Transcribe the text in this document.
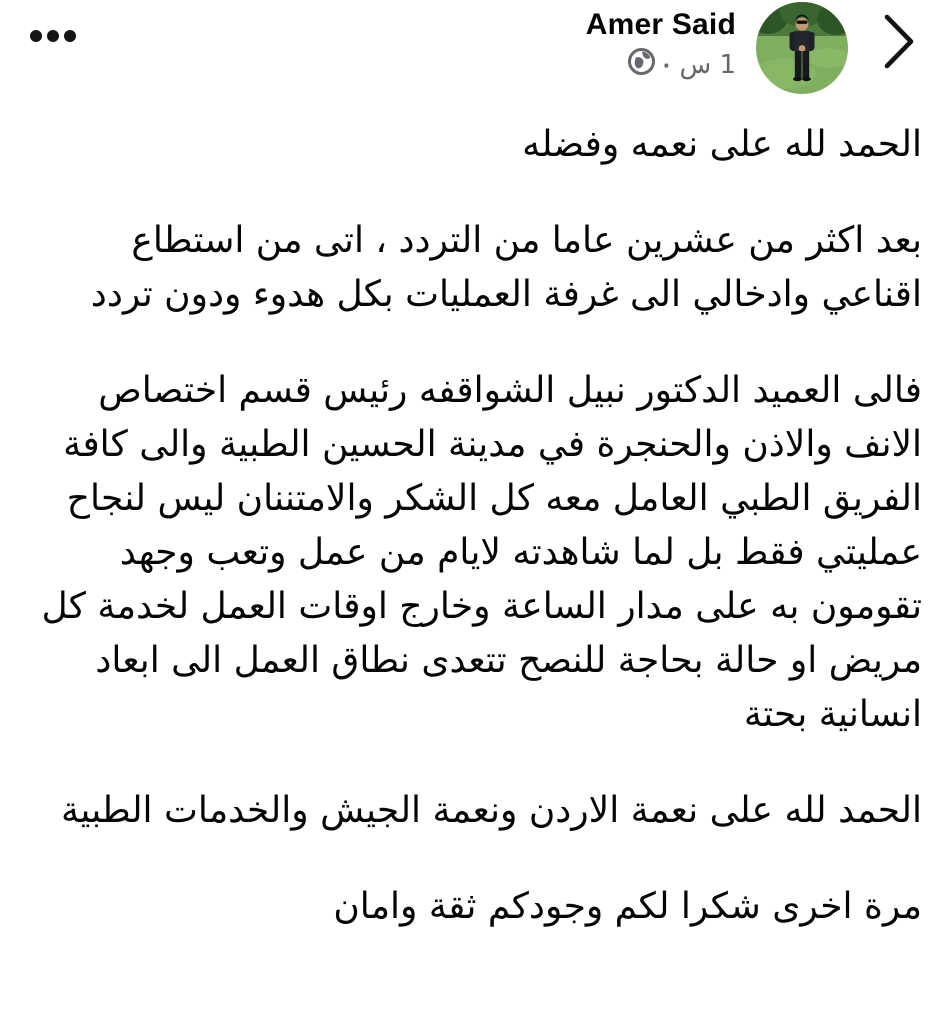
Amer Said
· 1 س

الحمد لله على نعمه وفضله

بعد اكثر من عشرين عاما من التردد ، اتى من استطاع اقناعي وادخالي الى غرفة العمليات بكل هدوء ودون تردد

فالى العميد الدكتور نبيل الشواقفه رئيس قسم اختصاص الانف والاذن والحنجرة في مدينة الحسين الطبية والى كافة الفريق الطبي العامل معه كل الشكر والامتننان ليس لنجاح عمليتي فقط بل لما شاهدته لايام من عمل وتعب وجهد تقومون به على مدار الساعة وخارج اوقات العمل لخدمة كل مريض او حالة بحاجة للنصح تتعدى نطاق العمل الى ابعاد انسانية بحتة

الحمد لله على نعمة الاردن ونعمة الجيش والخدمات الطبية

مرة اخرى شكرا لكم وجودكم ثقة وامان
